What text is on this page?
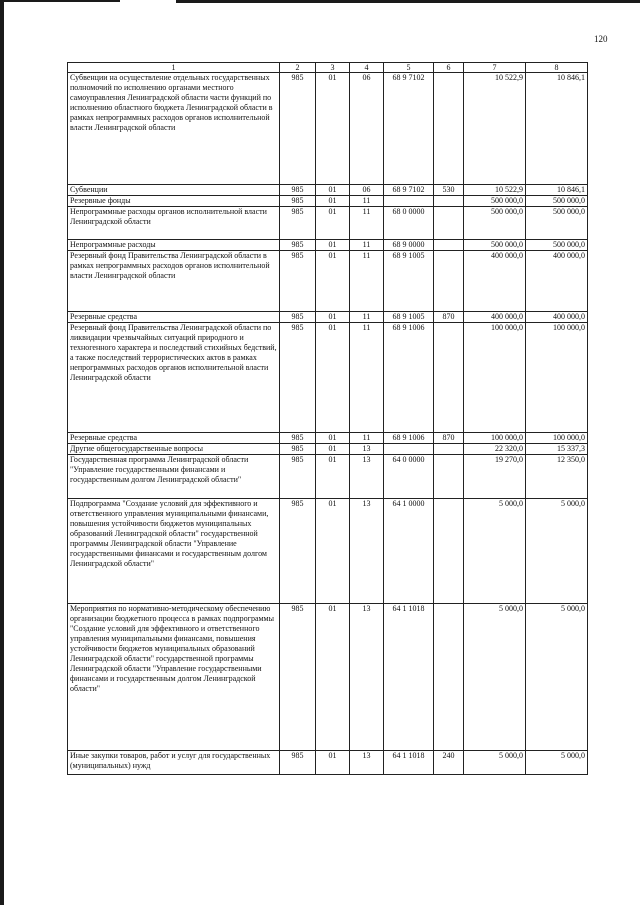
120
1	2	3	4	5	6	7	8
Субвенции на осуществление отдельных государственных полномочий по исполнению органами местного самоуправления Ленинградской области части функций по исполнению областного бюджета Ленинградской области в рамках непрограммных расходов органов исполнительной власти Ленинградской области	985	01	06	68 9 7102		10 522,9	10 846,1
Субвенции	985	01	06	68 9 7102	530	10 522,9	10 846,1
Резервные фонды	985	01	11			500 000,0	500 000,0
Непрограммные расходы органов исполнительной власти Ленинградской области	985	01	11	68 0 0000		500 000,0	500 000,0
Непрограммные расходы	985	01	11	68 9 0000		500 000,0	500 000,0
Резервный фонд Правительства Ленинградской области в рамках непрограммных расходов органов исполнительной власти Ленинградской области	985	01	11	68 9 1005		400 000,0	400 000,0
Резервные средства	985	01	11	68 9 1005	870	400 000,0	400 000,0
Резервный фонд Правительства Ленинградской области по ликвидации чрезвычайных ситуаций природного и техногенного характера и последствий стихийных бедствий, а также последствий террористических актов в рамках непрограммных расходов органов исполнительной власти Ленинградской области	985	01	11	68 9 1006		100 000,0	100 000,0
Резервные средства	985	01	11	68 9 1006	870	100 000,0	100 000,0
Другие общегосударственные вопросы	985	01	13			22 320,0	15 337,3
Государственная программа Ленинградской области "Управление государственными финансами и государственным долгом Ленинградской области"	985	01	13	64 0 0000		19 270,0	12 350,0
Подпрограмма "Создание условий для эффективного и ответственного управления муниципальными финансами, повышения устойчивости бюджетов муниципальных образований Ленинградской области" государственной программы Ленинградской области "Управление государственными финансами и государственным долгом Ленинградской области"	985	01	13	64 1 0000		5 000,0	5 000,0
Мероприятия по нормативно-методическому обеспечению организации бюджетного процесса в рамках подпрограммы "Создание условий для эффективного и ответственного управления муниципальными финансами, повышения устойчивости бюджетов муниципальных образований Ленинградской области" государственной программы Ленинградской области "Управление государственными финансами и государственным долгом Ленинградской области"	985	01	13	64 1 1018		5 000,0	5 000,0
Иные закупки товаров, работ и услуг для государственных (муниципальных) нужд	985	01	13	64 1 1018	240	5 000,0	5 000,0
